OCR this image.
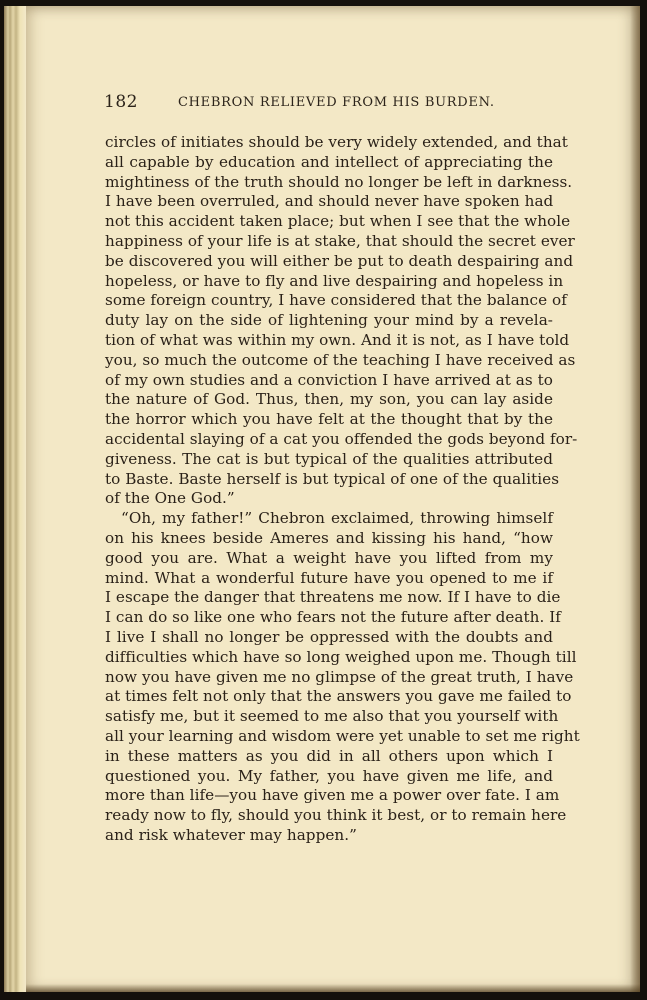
182	CHEBRON RELIEVED FROM HIS BURDEN.
circles of initiates should be very widely extended, and that
all capable by education and intellect of appreciating the
mightiness of the truth should no longer be left in darkness.
I have been overruled, and should never have spoken had
not this accident taken place; but when I see that the whole
happiness of your life is at stake, that should the secret ever
be discovered you will either be put to death despairing and
hopeless, or have to fly and live despairing and hopeless in
some foreign country, I have considered that the balance of
duty lay on the side of lightening your mind by a revela-
tion of what was within my own. And it is not, as I have told
you, so much the outcome of the teaching I have received as
of my own studies and a conviction I have arrived at as to
the nature of God. Thus, then, my son, you can lay aside
the horror which you have felt at the thought that by the
accidental slaying of a cat you offended the gods beyond for-
giveness. The cat is but typical of the qualities attributed
to Baste. Baste herself is but typical of one of the qualities
of the One God.”
“Oh, my father!” Chebron exclaimed, throwing himself
on his knees beside Ameres and kissing his hand, “how
good you are. What a weight have you lifted from my
mind. What a wonderful future have you opened to me if
I escape the danger that threatens me now. If I have to die
I can do so like one who fears not the future after death. If
I live I shall no longer be oppressed with the doubts and
difficulties which have so long weighed upon me. Though till
now you have given me no glimpse of the great truth, I have
at times felt not only that the answers you gave me failed to
satisfy me, but it seemed to me also that you yourself with
all your learning and wisdom were yet unable to set me right
in these matters as you did in all others upon which I
questioned you. My father, you have given me life, and
more than life—you have given me a power over fate. I am
ready now to fly, should you think it best, or to remain here
and risk whatever may happen.”
